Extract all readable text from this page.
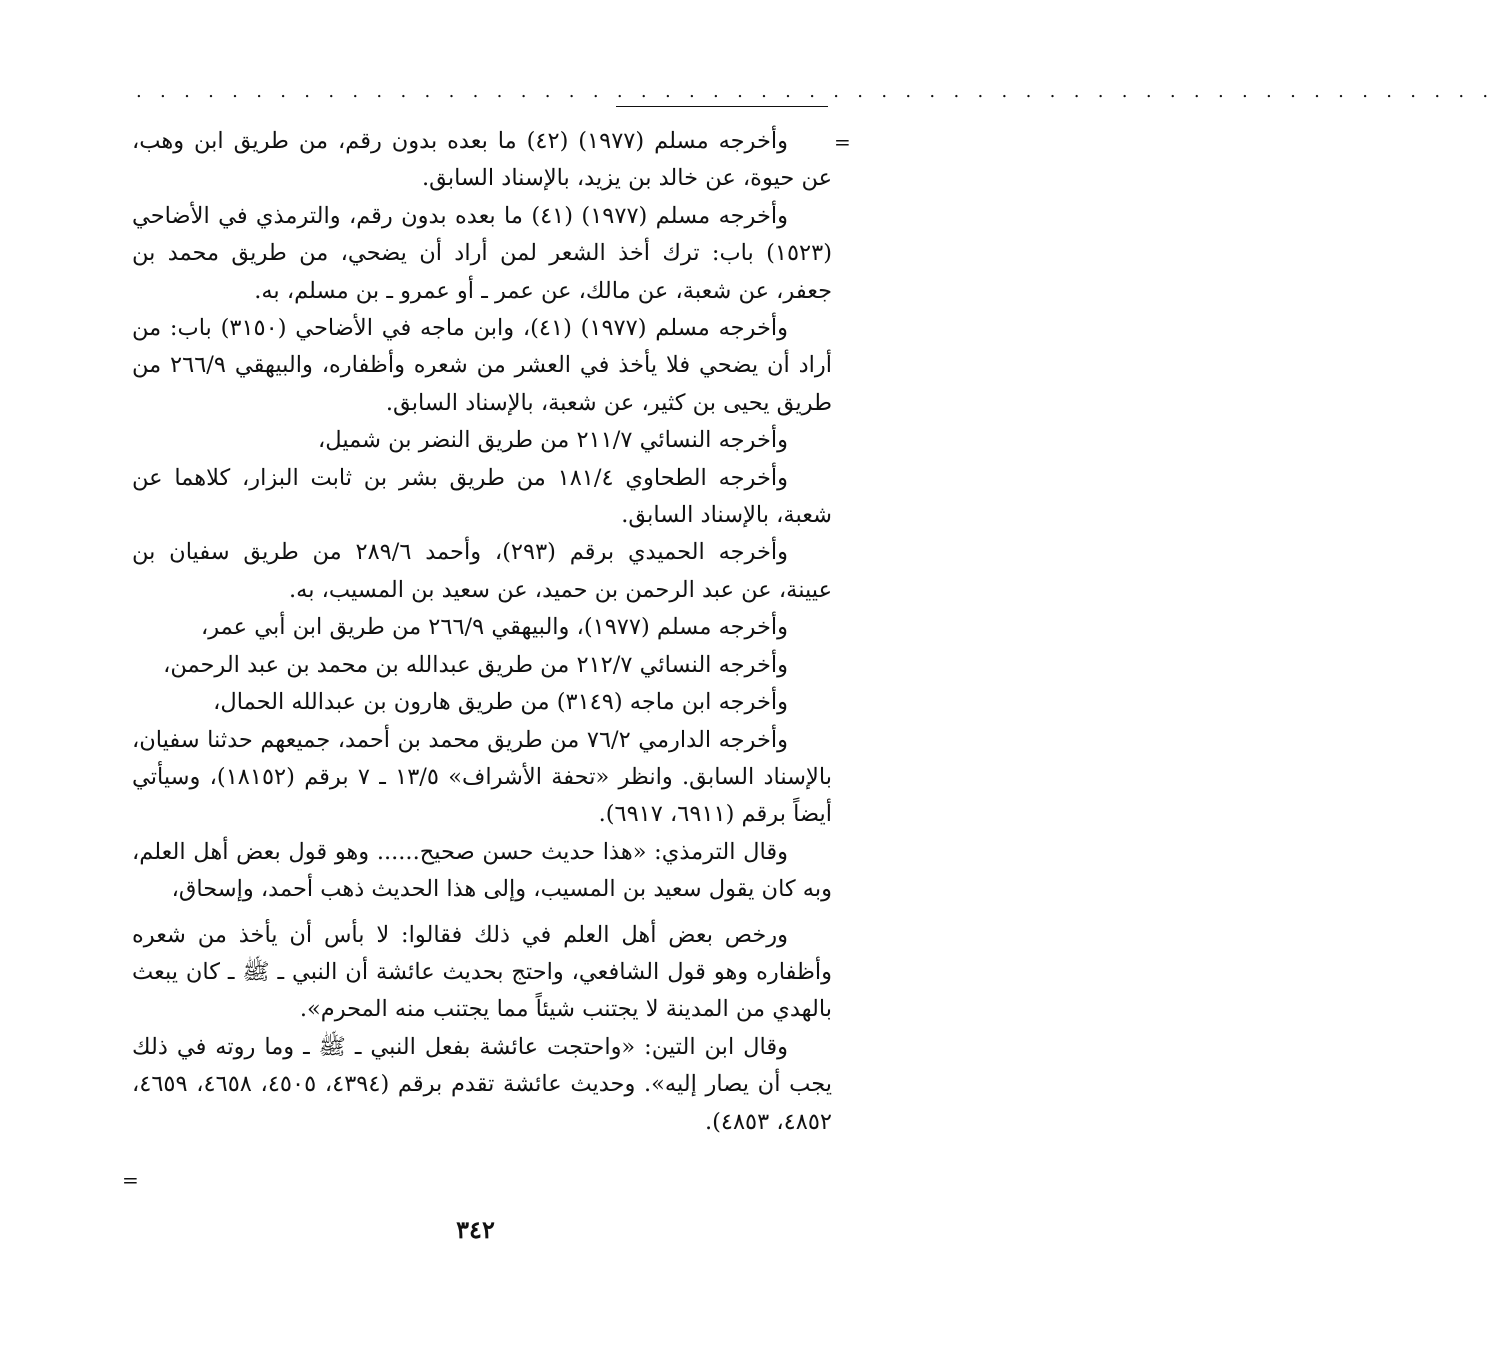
. . . . . . . . . . . . . . . . . . . . . . . . . . . . . . . . . . . . . . . . . . . . . . . . . . . . . . . . .
=

وأخرجه مسلم (١٩٧٧) (٤٢) ما بعده بدون رقم، من طريق ابن وهب، عن حيوة، عن خالد بن يزيد، بالإسناد السابق.

وأخرجه مسلم (١٩٧٧) (٤١) ما بعده بدون رقم، والترمذي في الأضاحي (١٥٢٣) باب: ترك أخذ الشعر لمن أراد أن يضحي، من طريق محمد بن جعفر، عن شعبة، عن مالك، عن عمر ـ أو عمرو ـ بن مسلم، به.

وأخرجه مسلم (١٩٧٧) (٤١)، وابن ماجه في الأضاحي (٣١٥٠) باب: من أراد أن يضحي فلا يأخذ في العشر من شعره وأظفاره، والبيهقي ٢٦٦/٩ من طريق يحيى بن كثير، عن شعبة، بالإسناد السابق.

وأخرجه النسائي ٢١١/٧ من طريق النضر بن شميل،

وأخرجه الطحاوي ١٨١/٤ من طريق بشر بن ثابت البزار، كلاهما عن شعبة، بالإسناد السابق.

وأخرجه الحميدي برقم (٢٩٣)، وأحمد ٢٨٩/٦ من طريق سفيان بن عيينة، عن عبد الرحمن بن حميد، عن سعيد بن المسيب، به.

وأخرجه مسلم (١٩٧٧)، والبيهقي ٢٦٦/٩ من طريق ابن أبي عمر،

وأخرجه النسائي ٢١٢/٧ من طريق عبدالله بن محمد بن عبد الرحمن،

وأخرجه ابن ماجه (٣١٤٩) من طريق هارون بن عبدالله الحمال،

وأخرجه الدارمي ٧٦/٢ من طريق محمد بن أحمد، جميعهم حدثنا سفيان، بالإسناد السابق. وانظر «تحفة الأشراف» ١٣/٥ ـ ٧ برقم (١٨١٥٢)، وسيأتي أيضاً برقم (٦٩١١، ٦٩١٧).

وقال الترمذي: «هذا حديث حسن صحيح...... وهو قول بعض أهل العلم، وبه كان يقول سعيد بن المسيب، وإلى هذا الحديث ذهب أحمد، وإسحاق،

ورخص بعض أهل العلم في ذلك فقالوا: لا بأس أن يأخذ من شعره وأظفاره وهو قول الشافعي، واحتج بحديث عائشة أن النبي ـ ﷺ ـ كان يبعث بالهدي من المدينة لا يجتنب شيئاً مما يجتنب منه المحرم».

وقال ابن التين: «واحتجت عائشة بفعل النبي ـ ﷺ ـ وما روته في ذلك يجب أن يصار إليه». وحديث عائشة تقدم برقم (٤٣٩٤، ٤٥٠٥، ٤٦٥٨، ٤٦٥٩، ٤٨٥٢، ٤٨٥٣).

=
٣٤٢
